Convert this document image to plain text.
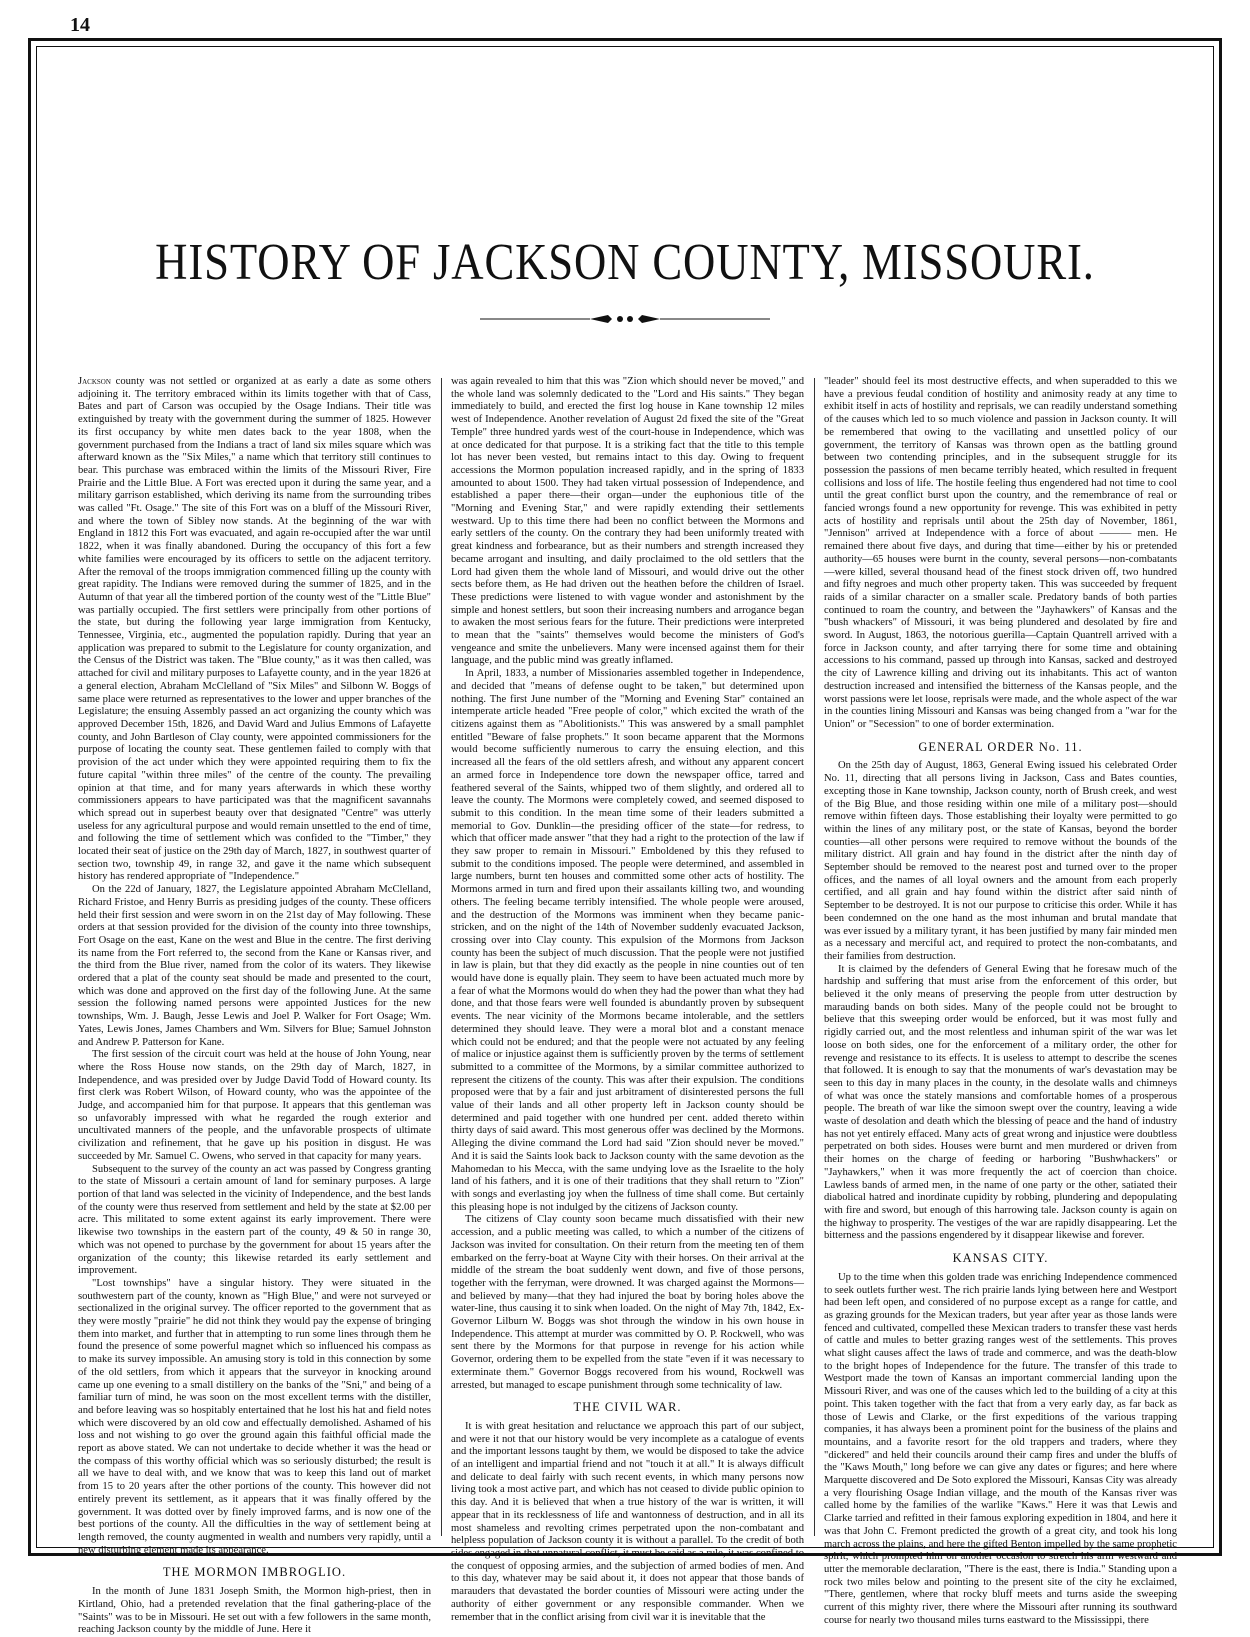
14
HISTORY OF JACKSON COUNTY, MISSOURI.

Jackson county was not settled or organized at as early a date as some others adjoining it. The territory embraced within its limits together with that of Cass, Bates and part of Carson was occupied by the Osage Indians. Their title was extinguished by treaty with the government during the summer of 1825. However its first occupancy by white men dates back to the year 1808, when the government purchased from the Indians a tract of land six miles square which was afterward known as the "Six Miles," a name which that territory still continues to bear. This purchase was embraced within the limits of the Missouri River, Fire Prairie and the Little Blue. A Fort was erected upon it during the same year, and a military garrison established, which deriving its name from the surrounding tribes was called "Ft. Osage." The site of this Fort was on a bluff of the Missouri River, and where the town of Sibley now stands. At the beginning of the war with England in 1812 this Fort was evacuated, and again re-occupied after the war until 1822, when it was finally abandoned. During the occupancy of this fort a few white families were encouraged by its officers to settle on the adjacent territory. After the removal of the troops immigration commenced filling up the county with great rapidity. The Indians were removed during the summer of 1825, and in the Autumn of that year all the timbered portion of the county west of the "Little Blue" was partially occupied. The first settlers were principally from other portions of the state, but during the following year large immigration from Kentucky, Tennessee, Virginia, etc., augmented the population rapidly. During that year an application was prepared to submit to the Legislature for county organization, and the Census of the District was taken. The "Blue county," as it was then called, was attached for civil and military purposes to Lafayette county, and in the year 1826 at a general election, Abraham McClelland of "Six Miles" and Silbonn W. Boggs of same place were returned as representatives to the lower and upper branches of the Legislature; the ensuing Assembly passed an act organizing the county which was approved December 15th, 1826, and David Ward and Julius Emmons of Lafayette county, and John Bartleson of Clay county, were appointed commissioners for the purpose of locating the county seat. These gentlemen failed to comply with that provision of the act under which they were appointed requiring them to fix the future capital "within three miles" of the centre of the county. The prevailing opinion at that time, and for many years afterwards in which these worthy commissioners appears to have participated was that the magnificent savannahs which spread out in superbest beauty over that designated "Centre" was utterly useless for any agricultural purpose and would remain unsettled to the end of time, and following the time of settlement which was confided to the "Timber," they located their seat of justice on the 29th day of March, 1827, in southwest quarter of section two, township 49, in range 32, and gave it the name which subsequent history has rendered appropriate of "Independence."

On the 22d of January, 1827, the Legislature appointed Abraham McClelland, Richard Fristoe, and Henry Burris as presiding judges of the county. These officers held their first session and were sworn in on the 21st day of May following. These orders at that session provided for the division of the county into three townships, Fort Osage on the east, Kane on the west and Blue in the centre. The first deriving its name from the Fort referred to, the second from the Kane or Kansas river, and the third from the Blue river, named from the color of its waters. They likewise ordered that a plat of the county seat should be made and presented to the court, which was done and approved on the first day of the following June. At the same session the following named persons were appointed Justices for the new townships, Wm. J. Baugh, Jesse Lewis and Joel P. Walker for Fort Osage; Wm. Yates, Lewis Jones, James Chambers and Wm. Silvers for Blue; Samuel Johnston and Andrew P. Patterson for Kane.

The first session of the circuit court was held at the house of John Young, near where the Ross House now stands, on the 29th day of March, 1827, in Independence, and was presided over by Judge David Todd of Howard county. Its first clerk was Robert Wilson, of Howard county, who was the appointee of the Judge, and accompanied him for that purpose. It appears that this gentleman was so unfavorably impressed with what he regarded the rough exterior and uncultivated manners of the people, and the unfavorable prospects of ultimate civilization and refinement, that he gave up his position in disgust. He was succeeded by Mr. Samuel C. Owens, who served in that capacity for many years.

Subsequent to the survey of the county an act was passed by Congress granting to the state of Missouri a certain amount of land for seminary purposes. A large portion of that land was selected in the vicinity of Independence, and the best lands of the county were thus reserved from settlement and held by the state at $2.00 per acre. This militated to some extent against its early improvement. There were likewise two townships in the eastern part of the county, 49 & 50 in range 30, which was not opened to purchase by the government for about 15 years after the organization of the county; this likewise retarded its early settlement and improvement.

"Lost townships" have a singular history. They were situated in the southwestern part of the county, known as "High Blue," and were not surveyed or sectionalized in the original survey. The officer reported to the government that as they were mostly "prairie" he did not think they would pay the expense of bringing them into market, and further that in attempting to run some lines through them he found the presence of some powerful magnet which so influenced his compass as to make its survey impossible. An amusing story is told in this connection by some of the old settlers, from which it appears that the surveyor in knocking around came up one evening to a small distillery on the banks of the "Sni," and being of a familiar turn of mind, he was soon on the most excellent terms with the distiller, and before leaving was so hospitably entertained that he lost his hat and field notes which were discovered by an old cow and effectually demolished. Ashamed of his loss and not wishing to go over the ground again this faithful official made the report as above stated. We can not undertake to decide whether it was the head or the compass of this worthy official which was so seriously disturbed; the result is all we have to deal with, and we know that was to keep this land out of market from 15 to 20 years after the other portions of the county. This however did not entirely prevent its settlement, as it appears that it was finally offered by the government. It was dotted over by finely improved farms, and is now one of the best portions of the county. All the difficulties in the way of settlement being at length removed, the county augmented in wealth and numbers very rapidly, until a new disturbing element made its appearance.

THE MORMON IMBROGLIO.

In the month of June 1831 Joseph Smith, the Mormon high-priest, then in Kirtland, Ohio, had a pretended revelation that the final gathering-place of the "Saints" was to be in Missouri. He set out with a few followers in the same month, reaching Jackson county by the middle of June. Here it

was again revealed to him that this was "Zion which should never be moved," and the whole land was solemnly dedicated to the "Lord and His saints." They began immediately to build, and erected the first log house in Kane township 12 miles west of Independence. Another revelation of August 2d fixed the site of the "Great Temple" three hundred yards west of the court-house in Independence, which was at once dedicated for that purpose. It is a striking fact that the title to this temple lot has never been vested, but remains intact to this day. Owing to frequent accessions the Mormon population increased rapidly, and in the spring of 1833 amounted to about 1500. They had taken virtual possession of Independence, and established a paper there—their organ—under the euphonious title of the "Morning and Evening Star," and were rapidly extending their settlements westward. Up to this time there had been no conflict between the Mormons and early settlers of the county. On the contrary they had been uniformly treated with great kindness and forbearance, but as their numbers and strength increased they became arrogant and insulting, and daily proclaimed to the old settlers that the Lord had given them the whole land of Missouri, and would drive out the other sects before them, as He had driven out the heathen before the children of Israel. These predictions were listened to with vague wonder and astonishment by the simple and honest settlers, but soon their increasing numbers and arrogance began to awaken the most serious fears for the future. Their predictions were interpreted to mean that the "saints" themselves would become the ministers of God's vengeance and smite the unbelievers. Many were incensed against them for their language, and the public mind was greatly inflamed.

In April, 1833, a number of Missionaries assembled together in Independence, and decided that "means of defense ought to be taken," but determined upon nothing. The first June number of the "Morning and Evening Star" contained an intemperate article headed "Free people of color," which excited the wrath of the citizens against them as "Abolitionists." This was answered by a small pamphlet entitled "Beware of false prophets." It soon became apparent that the Mormons would become sufficiently numerous to carry the ensuing election, and this increased all the fears of the old settlers afresh, and without any apparent concert an armed force in Independence tore down the newspaper office, tarred and feathered several of the Saints, whipped two of them slightly, and ordered all to leave the county. The Mormons were completely cowed, and seemed disposed to submit to this condition. In the mean time some of their leaders submitted a memorial to Gov. Dunklin—the presiding officer of the state—for redress, to which that officer made answer "that they had a right to the protection of the law if they saw proper to remain in Missouri." Emboldened by this they refused to submit to the conditions imposed. The people were determined, and assembled in large numbers, burnt ten houses and committed some other acts of hostility. The Mormons armed in turn and fired upon their assailants killing two, and wounding others. The feeling became terribly intensified. The whole people were aroused, and the destruction of the Mormons was imminent when they became panic-stricken, and on the night of the 14th of November suddenly evacuated Jackson, crossing over into Clay county. This expulsion of the Mormons from Jackson county has been the subject of much discussion. That the people were not justified in law is plain, but that they did exactly as the people in nine counties out of ten would have done is equally plain. They seem to have been actuated much more by a fear of what the Mormons would do when they had the power than what they had done, and that those fears were well founded is abundantly proven by subsequent events. The near vicinity of the Mormons became intolerable, and the settlers determined they should leave. They were a moral blot and a constant menace which could not be endured; and that the people were not actuated by any feeling of malice or injustice against them is sufficiently proven by the terms of settlement submitted to a committee of the Mormons, by a similar committee authorized to represent the citizens of the county. This was after their expulsion. The conditions proposed were that by a fair and just arbitrament of disinterested persons the full value of their lands and all other property left in Jackson county should be determined and paid together with one hundred per cent. added thereto within thirty days of said award. This most generous offer was declined by the Mormons. Alleging the divine command the Lord had said "Zion should never be moved." And it is said the Saints look back to Jackson county with the same devotion as the Mahomedan to his Mecca, with the same undying love as the Israelite to the holy land of his fathers, and it is one of their traditions that they shall return to "Zion" with songs and everlasting joy when the fullness of time shall come. But certainly this pleasing hope is not indulged by the citizens of Jackson county.

The citizens of Clay county soon became much dissatisfied with their new accession, and a public meeting was called, to which a number of the citizens of Jackson was invited for consultation. On their return from the meeting ten of them embarked on the ferry-boat at Wayne City with their horses. On their arrival at the middle of the stream the boat suddenly went down, and five of those persons, together with the ferryman, were drowned. It was charged against the Mormons—and believed by many—that they had injured the boat by boring holes above the water-line, thus causing it to sink when loaded. On the night of May 7th, 1842, Ex-Governor Lilburn W. Boggs was shot through the window in his own house in Independence. This attempt at murder was committed by O. P. Rockwell, who was sent there by the Mormons for that purpose in revenge for his action while Governor, ordering them to be expelled from the state "even if it was necessary to exterminate them." Governor Boggs recovered from his wound, Rockwell was arrested, but managed to escape punishment through some technicality of law.

THE CIVIL WAR.

It is with great hesitation and reluctance we approach this part of our subject, and were it not that our history would be very incomplete as a catalogue of events and the important lessons taught by them, we would be disposed to take the advice of an intelligent and impartial friend and not "touch it at all." It is always difficult and delicate to deal fairly with such recent events, in which many persons now living took a most active part, and which has not ceased to divide public opinion to this day. And it is believed that when a true history of the war is written, it will appear that in its recklessness of life and wantonness of destruction, and in all its most shameless and revolting crimes perpetrated upon the non-combatant and helpless population of Jackson county it is without a parallel. To the credit of both sides engaged in that unnatural conflict, it must be said as a rule, it was confined to the conquest of opposing armies, and the subjection of armed bodies of men. And to this day, whatever may be said about it, it does not appear that those bands of marauders that devastated the border counties of Missouri were acting under the authority of either government or any responsible commander. When we remember that in the conflict arising from civil war it is inevitable that the

"leader" should feel its most destructive effects, and when superadded to this we have a previous feudal condition of hostility and animosity ready at any time to exhibit itself in acts of hostility and reprisals, we can readily understand something of the causes which led to so much violence and passion in Jackson county. It will be remembered that owing to the vacillating and unsettled policy of our government, the territory of Kansas was thrown open as the battling ground between two contending principles, and in the subsequent struggle for its possession the passions of men became terribly heated, which resulted in frequent collisions and loss of life. The hostile feeling thus engendered had not time to cool until the great conflict burst upon the country, and the remembrance of real or fancied wrongs found a new opportunity for revenge. This was exhibited in petty acts of hostility and reprisals until about the 25th day of November, 1861, "Jennison" arrived at Independence with a force of about ——— men. He remained there about five days, and during that time—either by his or pretended authority—65 houses were burnt in the county, several persons—non-combatants—were killed, several thousand head of the finest stock driven off, two hundred and fifty negroes and much other property taken. This was succeeded by frequent raids of a similar character on a smaller scale. Predatory bands of both parties continued to roam the country, and between the "Jayhawkers" of Kansas and the "bush whackers" of Missouri, it was being plundered and desolated by fire and sword. In August, 1863, the notorious guerilla—Captain Quantrell arrived with a force in Jackson county, and after tarrying there for some time and obtaining accessions to his command, passed up through into Kansas, sacked and destroyed the city of Lawrence killing and driving out its inhabitants. This act of wanton destruction increased and intensified the bitterness of the Kansas people, and the worst passions were let loose, reprisals were made, and the whole aspect of the war in the counties lining Missouri and Kansas was being changed from a "war for the Union" or "Secession" to one of border extermination.

GENERAL ORDER No. 11.

On the 25th day of August, 1863, General Ewing issued his celebrated Order No. 11, directing that all persons living in Jackson, Cass and Bates counties, excepting those in Kane township, Jackson county, north of Brush creek, and west of the Big Blue, and those residing within one mile of a military post—should remove within fifteen days. Those establishing their loyalty were permitted to go within the lines of any military post, or the state of Kansas, beyond the border counties—all other persons were required to remove without the bounds of the military district. All grain and hay found in the district after the ninth day of September should be removed to the nearest post and turned over to the proper offices, and the names of all loyal owners and the amount from each properly certified, and all grain and hay found within the district after said ninth of September to be destroyed. It is not our purpose to criticise this order. While it has been condemned on the one hand as the most inhuman and brutal mandate that was ever issued by a military tyrant, it has been justified by many fair minded men as a necessary and merciful act, and required to protect the non-combatants, and their families from destruction.

It is claimed by the defenders of General Ewing that he foresaw much of the hardship and suffering that must arise from the enforcement of this order, but believed it the only means of preserving the people from utter destruction by marauding bands on both sides. Many of the people could not be brought to believe that this sweeping order would be enforced, but it was most fully and rigidly carried out, and the most relentless and inhuman spirit of the war was let loose on both sides, one for the enforcement of a military order, the other for revenge and resistance to its effects. It is useless to attempt to describe the scenes that followed. It is enough to say that the monuments of war's devastation may be seen to this day in many places in the county, in the desolate walls and chimneys of what was once the stately mansions and comfortable homes of a prosperous people. The breath of war like the simoon swept over the country, leaving a wide waste of desolation and death which the blessing of peace and the hand of industry has not yet entirely effaced. Many acts of great wrong and injustice were doubtless perpetrated on both sides. Houses were burnt and men murdered or driven from their homes on the charge of feeding or harboring "Bushwhackers" or "Jayhawkers," when it was more frequently the act of coercion than choice. Lawless bands of armed men, in the name of one party or the other, satiated their diabolical hatred and inordinate cupidity by robbing, plundering and depopulating with fire and sword, but enough of this harrowing tale. Jackson county is again on the highway to prosperity. The vestiges of the war are rapidly disappearing. Let the bitterness and the passions engendered by it disappear likewise and forever.

KANSAS CITY.

Up to the time when this golden trade was enriching Independence commenced to seek outlets further west. The rich prairie lands lying between here and Westport had been left open, and considered of no purpose except as a range for cattle, and as grazing grounds for the Mexican traders, but year after year as those lands were fenced and cultivated, compelled these Mexican traders to transfer these vast herds of cattle and mules to better grazing ranges west of the settlements. This proves what slight causes affect the laws of trade and commerce, and was the death-blow to the bright hopes of Independence for the future. The transfer of this trade to Westport made the town of Kansas an important commercial landing upon the Missouri River, and was one of the causes which led to the building of a city at this point. This taken together with the fact that from a very early day, as far back as those of Lewis and Clarke, or the first expeditions of the various trapping companies, it has always been a prominent point for the business of the plains and mountains, and a favorite resort for the old trappers and traders, where they "dickered" and held their councils around their camp fires and under the bluffs of the "Kaws Mouth," long before we can give any dates or figures; and here where Marquette discovered and De Soto explored the Missouri, Kansas City was already a very flourishing Osage Indian village, and the mouth of the Kansas river was called home by the families of the warlike "Kaws." Here it was that Lewis and Clarke tarried and refitted in their famous exploring expedition in 1804, and here it was that John C. Fremont predicted the growth of a great city, and took his long march across the plains, and here the gifted Benton impelled by the same prophetic spirit, which prompted him on another occasion to stretch his arm westward and utter the memorable declaration, "There is the east, there is India." Standing upon a rock two miles below and pointing to the present site of the city he exclaimed, "There, gentlemen, where that rocky bluff meets and turns aside the sweeping current of this mighty river, there where the Missouri after running its southward course for nearly two thousand miles turns eastward to the Mississippi, there
